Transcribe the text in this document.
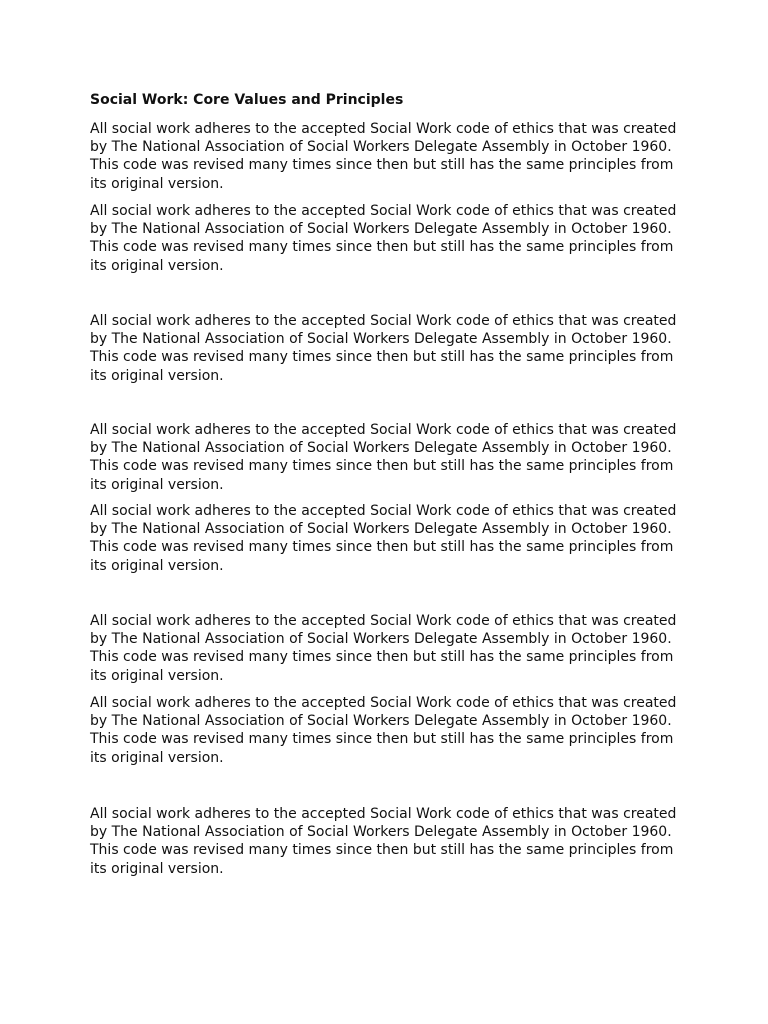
Social Work: Core Values and Principles

All social work adheres to the accepted Social Work code of ethics that was created
by The National Association of Social Workers Delegate Assembly in October 1960.
This code was revised many times since then but still has the same principles from
its original version.

All social work adheres to the accepted Social Work code of ethics that was created
by The National Association of Social Workers Delegate Assembly in October 1960.
This code was revised many times since then but still has the same principles from
its original version.

All social work adheres to the accepted Social Work code of ethics that was created
by The National Association of Social Workers Delegate Assembly in October 1960.
This code was revised many times since then but still has the same principles from
its original version.

All social work adheres to the accepted Social Work code of ethics that was created
by The National Association of Social Workers Delegate Assembly in October 1960.
This code was revised many times since then but still has the same principles from
its original version.

All social work adheres to the accepted Social Work code of ethics that was created
by The National Association of Social Workers Delegate Assembly in October 1960.
This code was revised many times since then but still has the same principles from
its original version.

All social work adheres to the accepted Social Work code of ethics that was created
by The National Association of Social Workers Delegate Assembly in October 1960.
This code was revised many times since then but still has the same principles from
its original version.

All social work adheres to the accepted Social Work code of ethics that was created
by The National Association of Social Workers Delegate Assembly in October 1960.
This code was revised many times since then but still has the same principles from
its original version.

All social work adheres to the accepted Social Work code of ethics that was created
by The National Association of Social Workers Delegate Assembly in October 1960.
This code was revised many times since then but still has the same principles from
its original version.
